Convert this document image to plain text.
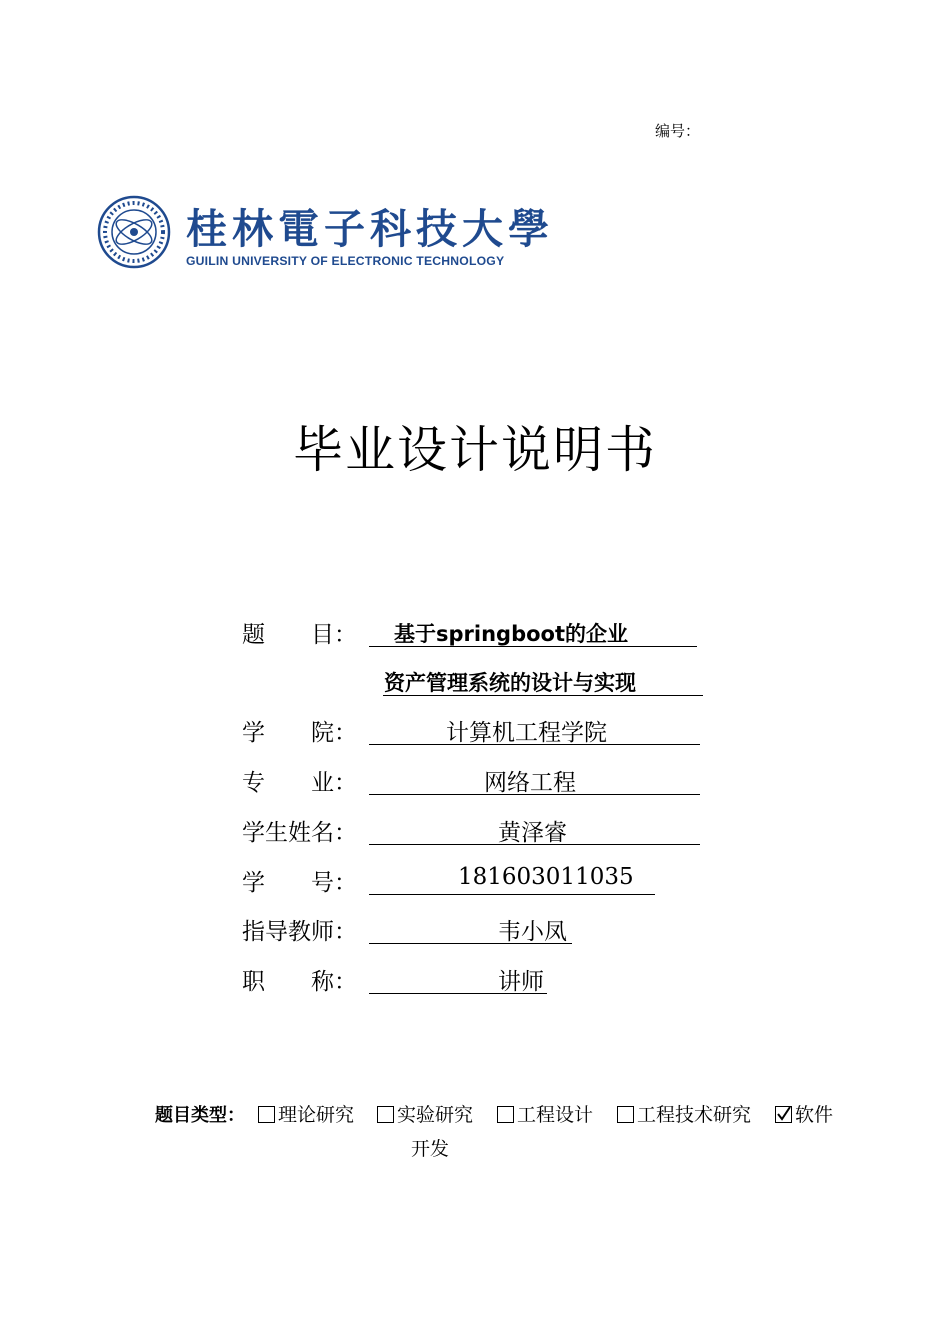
编号：
桂林電子科技大學
GUILIN UNIVERSITY OF ELECTRONIC TECHNOLOGY
毕业设计说明书
题　　目： 基于springboot的企业
资产管理系统的设计与实现
学　　院：	计算机工程学院
专　　业：	网络工程
学生姓名：	黄泽睿
学　　号：	181603011035
指导教师：	韦小凤
职　　称：	讲师
题目类型：	理论研究	实验研究	工程设计	工程技术研究	软件
开发
